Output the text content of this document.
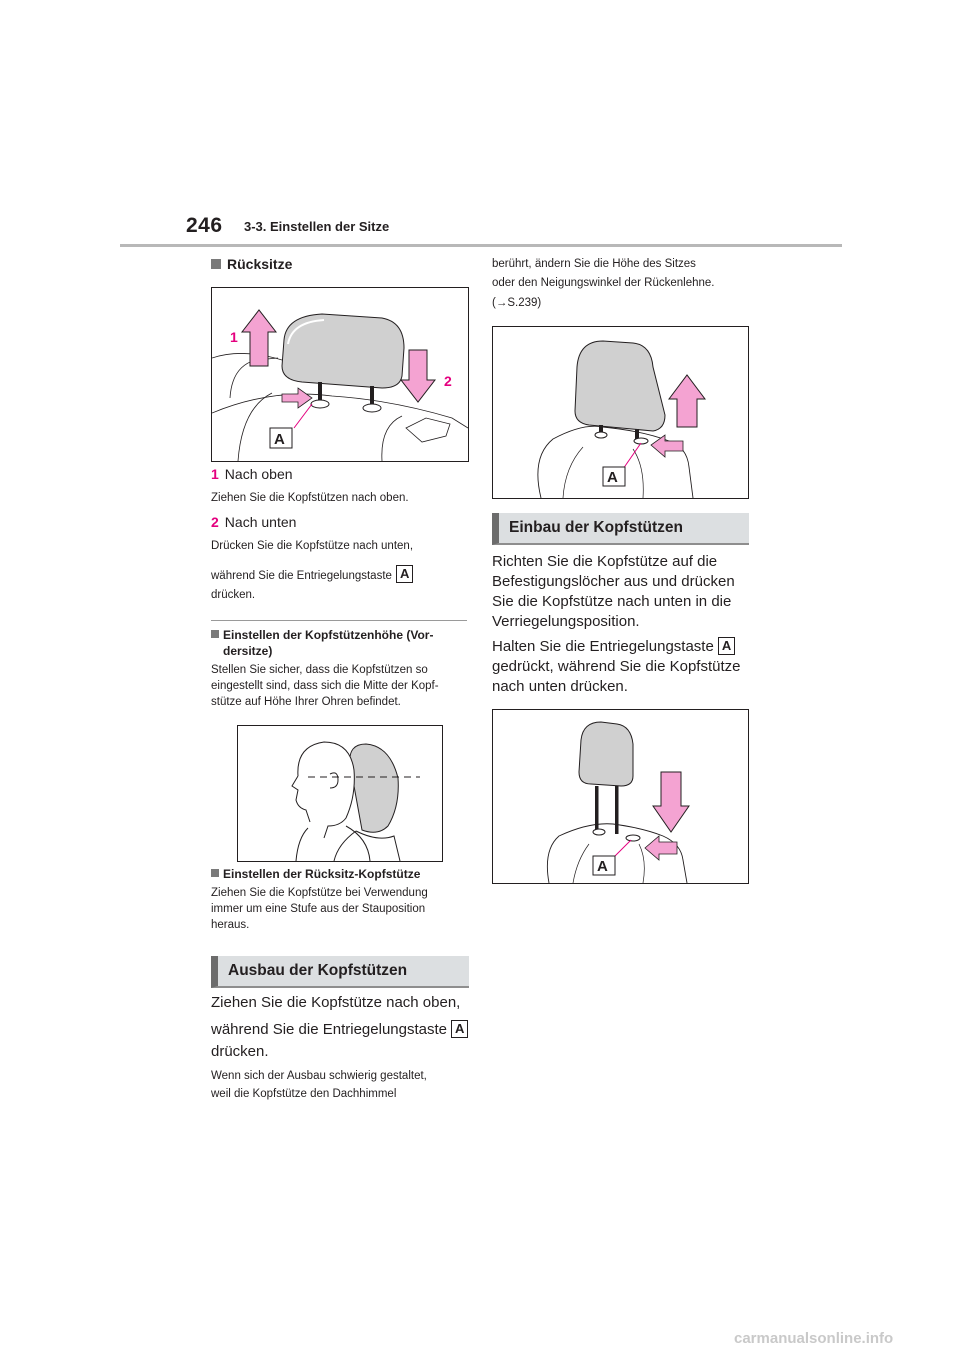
246 3-3. Einstellen der Sitze
Rücksitze
A
1
2
1 Nach oben
Ziehen Sie die Kopfstützen nach oben.
2 Nach unten
Drücken Sie die Kopfstütze nach unten,
während Sie die Entriegelungstaste A
drücken.
Einstellen der Kopfstützenhöhe (Vor-
dersitze)
Stellen Sie sicher, dass die Kopfstützen so
eingestellt sind, dass sich die Mitte der Kopf-
stütze auf Höhe Ihrer Ohren befindet.
Einstellen der Rücksitz-Kopfstütze
Ziehen Sie die Kopfstütze bei Verwendung
immer um eine Stufe aus der Stauposition
heraus.
Ausbau der Kopfstützen
Ziehen Sie die Kopfstütze nach oben,
während Sie die Entriegelungstaste A
drücken.
Wenn sich der Ausbau schwierig gestaltet,
weil die Kopfstütze den Dachhimmel
berührt, ändern Sie die Höhe des Sitzes
oder den Neigungswinkel der Rückenlehne.
(→S.239)
A
Einbau der Kopfstützen
Richten Sie die Kopfstütze auf die
Befestigungslöcher aus und drücken
Sie die Kopfstütze nach unten in die
Verriegelungsposition.
Halten Sie die Entriegelungstaste A
gedrückt, während Sie die Kopfstütze
nach unten drücken.
A
carmanualsonline.info
